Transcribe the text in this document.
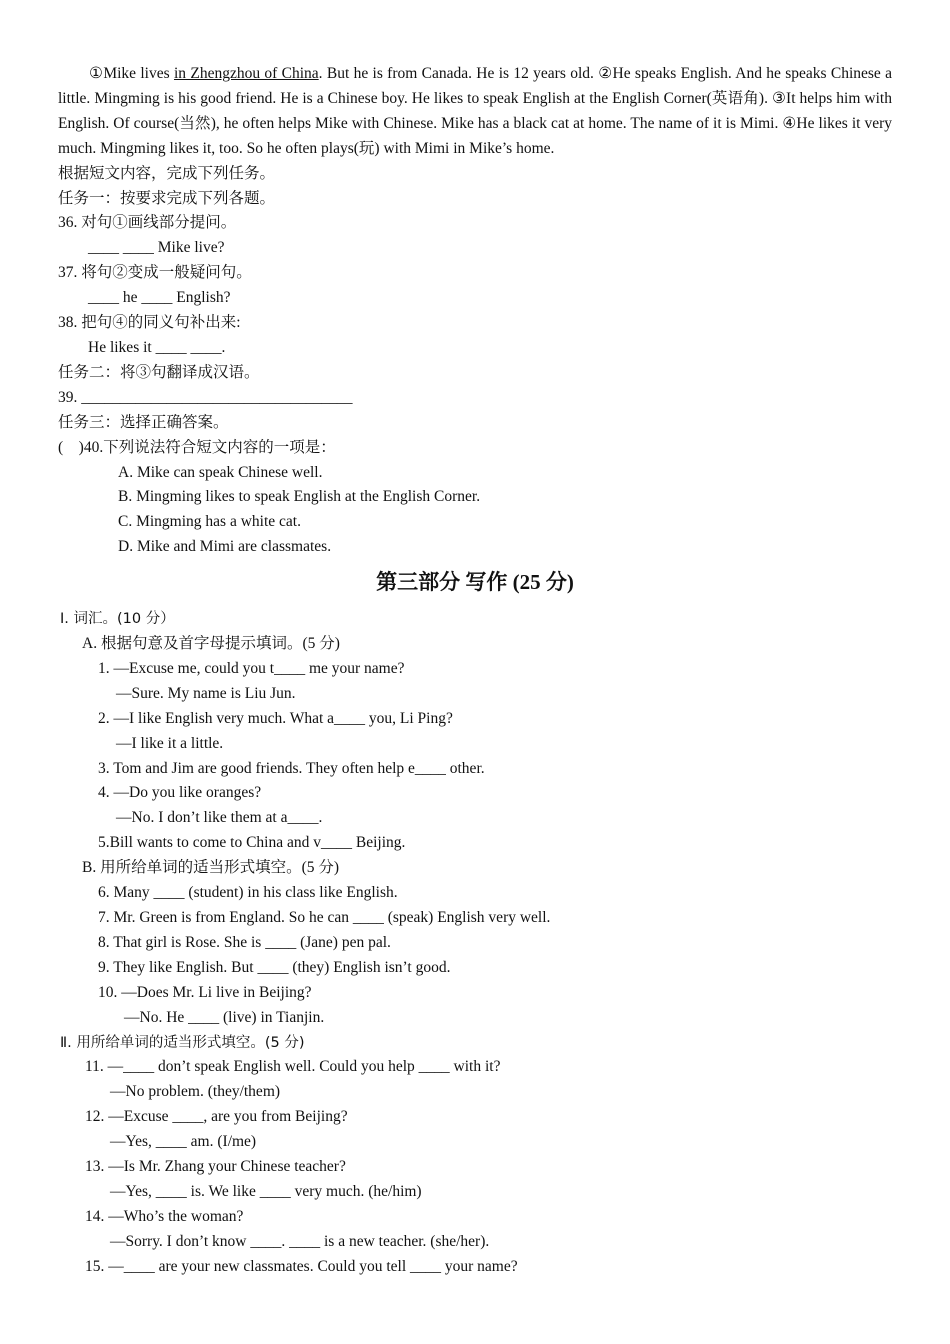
①Mike lives in Zhengzhou of China. But he is from Canada. He is 12 years old. ②He speaks English. And he speaks Chinese a little. Mingming is his good friend. He is a Chinese boy. He likes to speak English at the English Corner(英语角). ③It helps him with English. Of course(当然), he often helps Mike with Chinese. Mike has a black cat at home. The name of it is Mimi. ④He likes it very much. Mingming likes it, too. So he often plays(玩) with Mimi in Mike’s home.
根据短文内容，完成下列任务。
任务一：按要求完成下列各题。
36. 对句①画线部分提问。
____ ____ Mike live?
37. 将句②变成一般疑问句。
____ he ____ English?
38. 把句④的同义句补出来:
He likes it ____ ____.
任务二：将③句翻译成汉语。
39. ___________________________________
任务三：选择正确答案。
(    )40.下列说法符合短文内容的一项是：
A. Mike can speak Chinese well.
B. Mingming likes to speak English at the English Corner.
C. Mingming has a white cat.
D. Mike and Mimi are classmates.
第三部分 写作 (25 分)
Ⅰ. 词汇。(10 分）
A. 根据句意及首字母提示填词。(5 分)
1. —Excuse me, could you t____ me your name?
—Sure. My name is Liu Jun.
2. —I like English very much. What a____ you, Li Ping?
—I like it a little.
3. Tom and Jim are good friends. They often help e____ other.
4. —Do you like oranges?
—No. I don’t like them at a____.
5.Bill wants to come to China and v____ Beijing.
B. 用所给单词的适当形式填空。(5 分)
6. Many ____ (student) in his class like English.
7. Mr. Green is from England. So he can ____ (speak) English very well.
8. That girl is Rose. She is ____ (Jane) pen pal.
9. They like English. But ____ (they) English isn’t good.
10. —Does Mr. Li live in Beijing?
—No. He ____ (live) in Tianjin.
Ⅱ. 用所给单词的适当形式填空。(5 分)
11. —____ don’t speak English well. Could you help ____ with it?
—No problem. (they/them)
12. —Excuse ____, are you from Beijing?
—Yes, ____ am. (I/me)
13. —Is Mr. Zhang your Chinese teacher?
—Yes, ____ is. We like ____ very much. (he/him)
14. —Who’s the woman?
—Sorry. I don’t know ____. ____ is a new teacher. (she/her).
15. —____ are your new classmates. Could you tell ____ your name?
